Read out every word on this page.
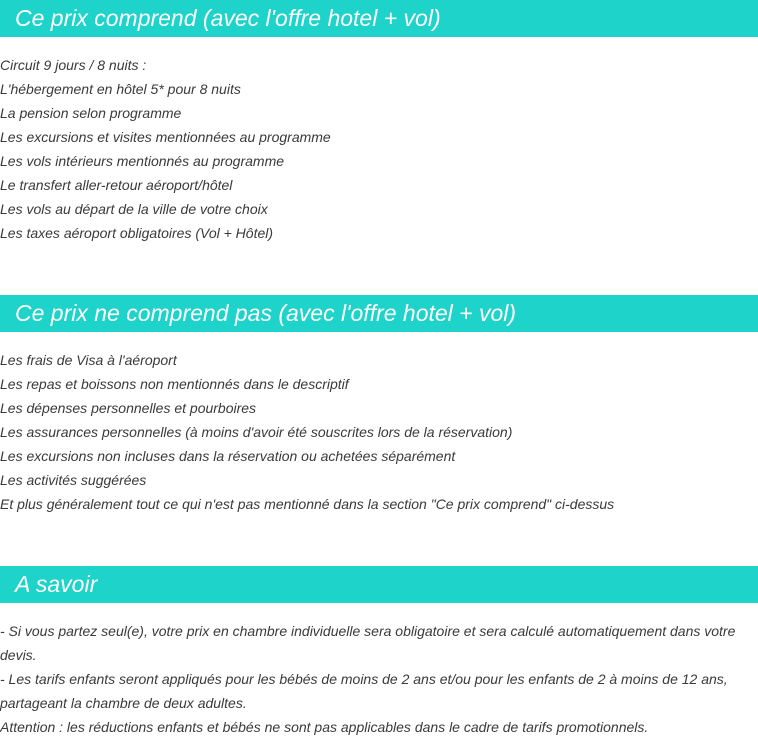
Ce prix comprend (avec l'offre hotel + vol)
Circuit 9 jours / 8 nuits :
L'hébergement en hôtel 5* pour 8 nuits
La pension selon programme
Les excursions et visites mentionnées au programme
Les vols intérieurs mentionnés au programme
Le transfert aller-retour aéroport/hôtel
Les vols au départ de la ville de votre choix
Les taxes aéroport obligatoires (Vol + Hôtel)
Ce prix ne comprend pas (avec l'offre hotel + vol)
Les frais de Visa à l'aéroport
Les repas et boissons non mentionnés dans le descriptif
Les dépenses personnelles et pourboires
Les assurances personnelles (à moins d'avoir été souscrites lors de la réservation)
Les excursions non incluses dans la réservation ou achetées séparément
Les activités suggérées
Et plus généralement tout ce qui n'est pas mentionné dans la section "Ce prix comprend" ci-dessus
A savoir

- Si vous partez seul(e), votre prix en chambre individuelle sera obligatoire et sera calculé automatiquement dans votre devis.

- Les tarifs enfants seront appliqués pour les bébés de moins de 2 ans et/ou pour les enfants de 2 à moins de 12 ans, partageant la chambre de deux adultes.

Attention : les réductions enfants et bébés ne sont pas applicables dans le cadre de tarifs promotionnels.
